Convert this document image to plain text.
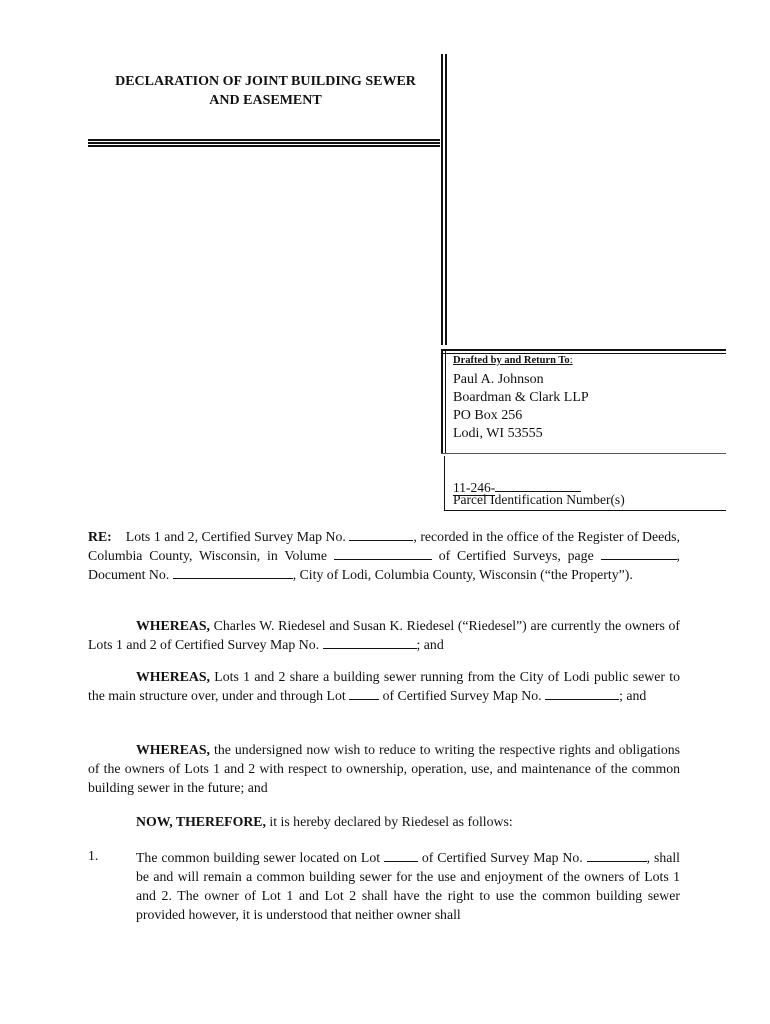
DECLARATION OF JOINT BUILDING SEWER
AND EASEMENT
Drafted by and Return To:
Paul A. Johnson
Boardman & Clark LLP
PO Box 256
Lodi, WI 53555
11-246-
Parcel Identification Number(s)
RE: Lots 1 and 2, Certified Survey Map No.	, recorded in the office of the Register of Deeds, Columbia County, Wisconsin, in Volume	of Certified Surveys, page	, Document No.	, City of Lodi, Columbia County, Wisconsin (“the Property”).
WHEREAS, Charles W. Riedesel and Susan K. Riedesel (“Riedesel”) are currently the owners of Lots 1 and 2 of Certified Survey Map No.	; and
WHEREAS, Lots 1 and 2 share a building sewer running from the City of Lodi public sewer to the main structure over, under and through Lot	of Certified Survey Map No.	; and
WHEREAS, the undersigned now wish to reduce to writing the respective rights and obligations of the owners of Lots 1 and 2 with respect to ownership, operation, use, and maintenance of the common building sewer in the future; and
NOW, THEREFORE, it is hereby declared by Riedesel as follows:
1.	The common building sewer located on Lot	of Certified Survey Map No.	, shall be and will remain a common building sewer for the use and enjoyment of the owners of Lots 1 and 2. The owner of Lot 1 and Lot 2 shall have the right to use the common building sewer provided however, it is understood that neither owner shall
